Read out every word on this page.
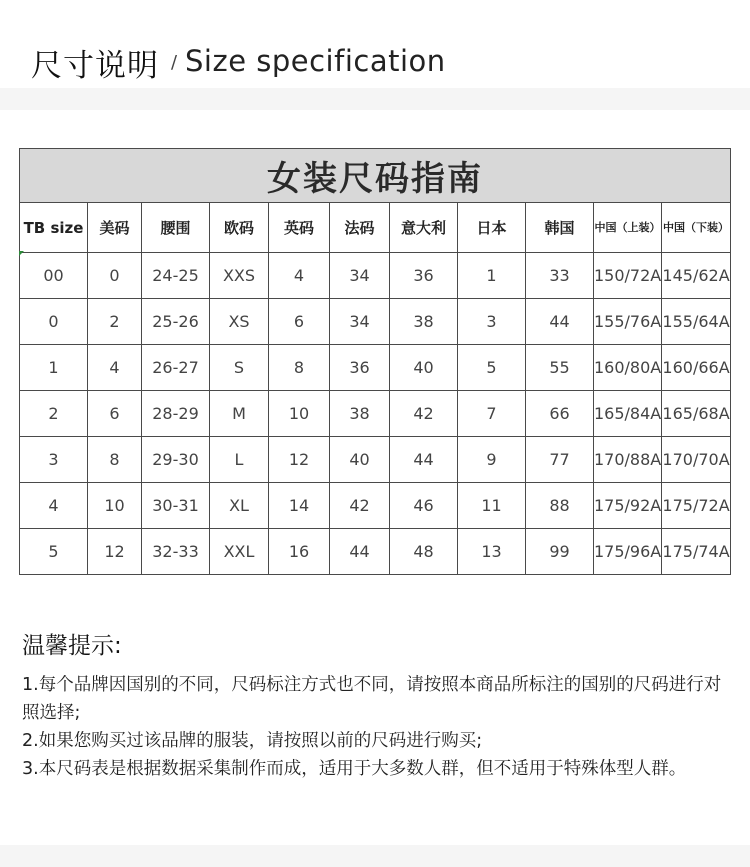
尺寸说明 / Size specification
女装尺码指南										
TB size	美码	腰围	欧码	英码	法码	意大利	日本	韩国	中国（上装）	中国（下装）
00	0	24-25	XXS	4	34	36	1	33	150/72A	145/62A
0	2	25-26	XS	6	34	38	3	44	155/76A	155/64A
1	4	26-27	S	8	36	40	5	55	160/80A	160/66A
2	6	28-29	M	10	38	42	7	66	165/84A	165/68A
3	8	29-30	L	12	40	44	9	77	170/88A	170/70A
4	10	30-31	XL	14	42	46	11	88	175/92A	175/72A
5	12	32-33	XXL	16	44	48	13	99	175/96A	175/74A
温馨提示:

1.每个品牌因国别的不同，尺码标注方式也不同，请按照本商品所标注的国别的尺码进行对照选择;

2.如果您购买过该品牌的服装，请按照以前的尺码进行购买;

3.本尺码表是根据数据采集制作而成，适用于大多数人群，但不适用于特殊体型人群。
